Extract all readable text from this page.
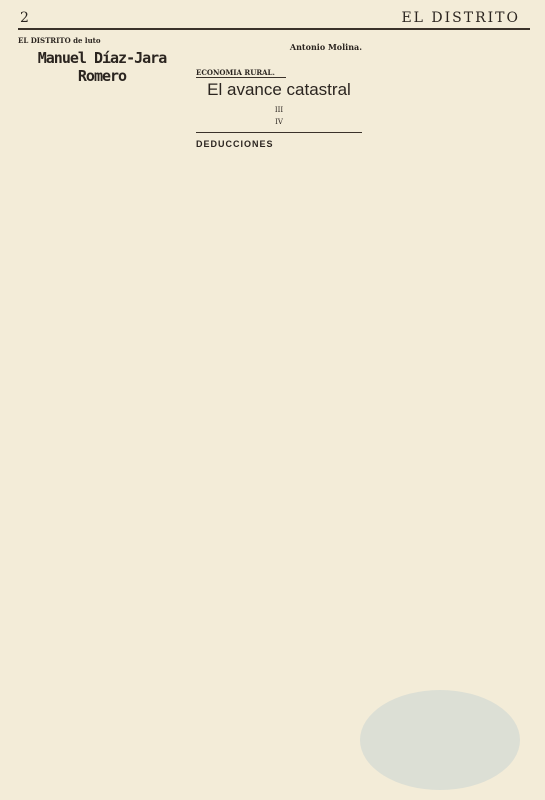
2	EL DISTRITO
EL DISTRITO de luto
Manuel Díaz-Jara Romero
Antonio Molina.
ECONOMIA RURAL.
El avance catastral
III
IV
DEDUCCIONES
